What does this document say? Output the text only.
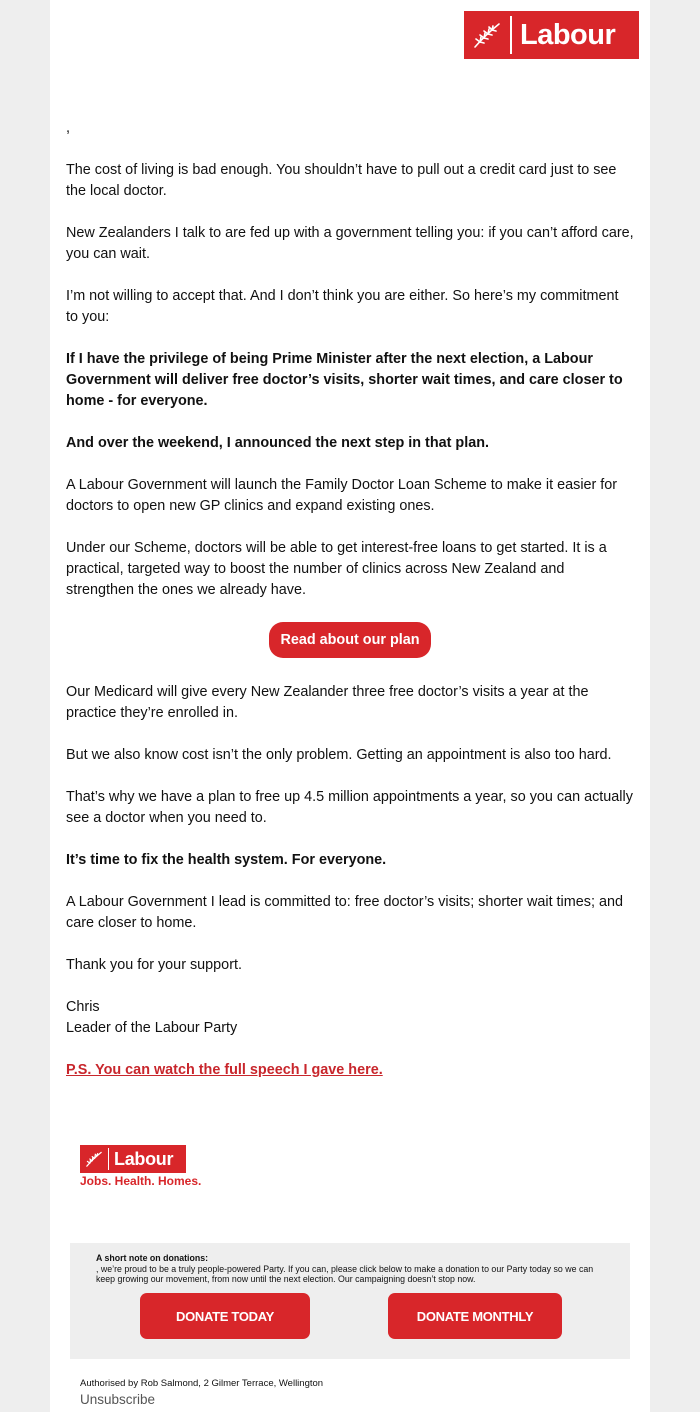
Labour

,

The cost of living is bad enough. You shouldn’t have to pull out a credit card just to see the local doctor.

New Zealanders I talk to are fed up with a government telling you: if you can’t afford care, you can wait.

I’m not willing to accept that. And I don’t think you are either. So here’s my commitment to you:

If I have the privilege of being Prime Minister after the next election, a Labour Government will deliver free doctor’s visits, shorter wait times, and care closer to home - for everyone.

And over the weekend, I announced the next step in that plan.

A Labour Government will launch the Family Doctor Loan Scheme to make it easier for doctors to open new GP clinics and expand existing ones.

Under our Scheme, doctors will be able to get interest-free loans to get started. It is a practical, targeted way to boost the number of clinics across New Zealand and strengthen the ones we already have.

Read about our plan

Our Medicard will give every New Zealander three free doctor’s visits a year at the practice they’re enrolled in.

But we also know cost isn’t the only problem. Getting an appointment is also too hard.

That’s why we have a plan to free up 4.5 million appointments a year, so you can actually see a doctor when you need to.

It’s time to fix the health system. For everyone.

A Labour Government I lead is committed to: free doctor’s visits; shorter wait times; and care closer to home.

Thank you for your support.

Chris
Leader of the Labour Party

P.S. You can watch the full speech I gave here.

Labour
Jobs. Health. Homes.
A short note on donations:
, we’re proud to be a truly people-powered Party. If you can, please click below to make a donation to our Party today so we can keep growing our movement, from now until the next election. Our campaigning doesn’t stop now.
DONATE TODAY	DONATE MONTHLY
Authorised by Rob Salmond, 2 Gilmer Terrace, Wellington
Unsubscribe
